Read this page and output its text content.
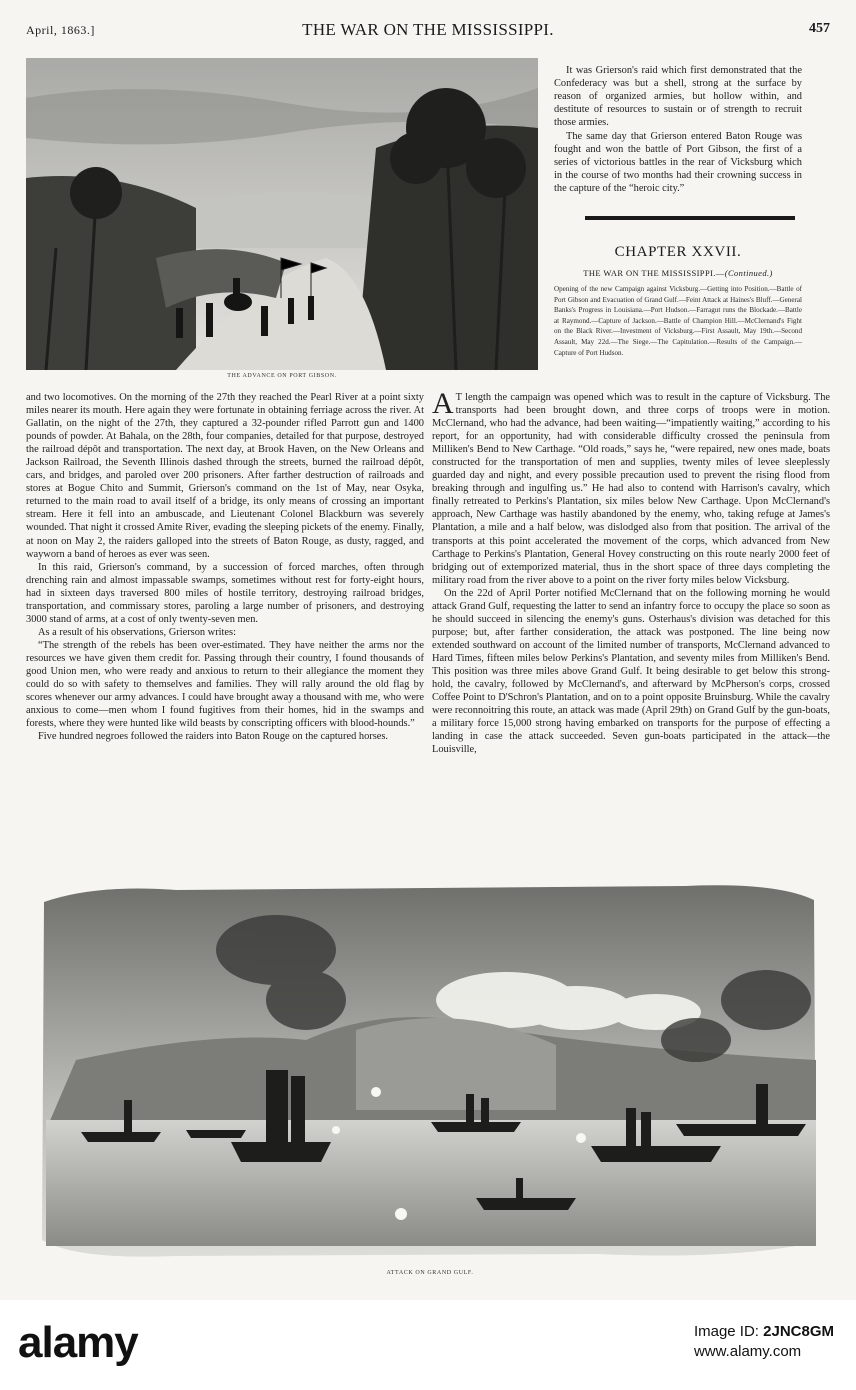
April, 1863.]	THE WAR ON THE MISSISSIPPI.	457
THE ADVANCE ON PORT GIBSON.

It was Grierson's raid which first demonstrated that the Confederacy was but a shell, strong at the surface by reason of organized armies, but hollow within, and destitute of resources to sustain or of strength to recruit those armies.

The same day that Grierson entered Baton Rouge was fought and won the battle of Port Gibson, the first of a series of victorious battles in the rear of Vicksburg which in the course of two months had their crowning success in the capture of the “heroic city.”

CHAPTER XXVII.
THE WAR ON THE MISSISSIPPI.—(Continued.)
Opening of the new Campaign against Vicksburg.—Getting into Position.—Battle of Port Gibson and Evacuation of Grand Gulf.—Feint Attack at Haines's Bluff.—General Banks's Progress in Louisiana.—Port Hudson.—Farragut runs the Blockade.—Battle at Raymond.—Capture of Jackson.—Battle of Champion Hill.—McClernand's Fight on the Black River.—Investment of Vicksburg.—First Assault, May 19th.—Second Assault, May 22d.—The Siege.—The Capitulation.—Results of the Campaign.—Capture of Port Hudson.

and two locomotives. On the morning of the 27th they reached the Pearl River at a point sixty miles nearer its mouth. Here again they were fortunate in obtaining ferriage across the river. At Gallatin, on the night of the 27th, they captured a 32-pounder rifled Parrott gun and 1400 pounds of powder. At Bahala, on the 28th, four companies, detailed for that purpose, destroyed the railroad dépôt and transportation. The next day, at Brook Haven, on the New Orleans and Jackson Railroad, the Seventh Illinois dashed through the streets, burned the railroad dépôt, cars, and bridges, and paroled over 200 prisoners. After farther destruction of railroads and stores at Bogue Chito and Summit, Grierson's command on the 1st of May, near Osyka, returned to the main road to avail itself of a bridge, its only means of crossing an important stream. Here it fell into an ambuscade, and Lieutenant Colonel Blackburn was severely wounded. That night it crossed Amite River, evading the sleeping pickets of the enemy. Finally, at noon on May 2, the raiders galloped into the streets of Baton Rouge, as dusty, ragged, and wayworn a band of heroes as ever was seen.

In this raid, Grierson's command, by a succession of forced marches, often through drenching rain and almost impassable swamps, sometimes without rest for forty-eight hours, had in sixteen days traversed 800 miles of hostile territory, destroying railroad bridges, transportation, and commissary stores, paroling a large number of prisoners, and destroying 3000 stand of arms, at a cost of only twenty-seven men.

As a result of his observations, Grierson writes:

“The strength of the rebels has been over-estimated. They have neither the arms nor the resources we have given them credit for. Passing through their country, I found thousands of good Union men, who were ready and anxious to return to their allegiance the moment they could do so with safety to themselves and families. They will rally around the old flag by scores whenever our army advances. I could have brought away a thousand with me, who were anxious to come—men whom I found fugitives from their homes, hid in the swamps and forests, where they were hunted like wild beasts by conscripting officers with blood-hounds.”

Five hundred negroes followed the raiders into Baton Rouge on the captured horses.

A T length the campaign was opened which was to result in the capture of Vicksburg. The transports had been brought down, and three corps of troops were in motion. McClernand, who had the advance, had been waiting—“impatiently waiting,” according to his report, for an opportunity, had with considerable difficulty crossed the peninsula from Milliken's Bend to New Carthage. “Old roads,” says he, “were repaired, new ones made, boats constructed for the transportation of men and supplies, twenty miles of levee sleeplessly guarded day and night, and every possible precaution used to prevent the rising flood from breaking through and ingulfing us.” He had also to contend with Harrison's cavalry, which finally retreated to Perkins's Plantation, six miles below New Carthage. Upon McClernand's approach, New Carthage was hastily abandoned by the enemy, who, taking refuge at James's Plantation, a mile and a half below, was dislodged also from that position. The arrival of the transports at this point accelerated the movement of the corps, which advanced from New Carthage to Perkins's Plantation, General Hovey constructing on this route nearly 2000 feet of bridging out of extemporized material, thus in the short space of three days completing the military road from the river above to a point on the river forty miles below Vicksburg.

On the 22d of April Porter notified McClernand that on the following morning he would attack Grand Gulf, requesting the latter to send an infantry force to occupy the place so soon as he should succeed in silencing the enemy's guns. Osterhaus's division was detached for this purpose; but, after farther consideration, the attack was postponed. The line being now extended southward on account of the limited number of transports, McClernand advanced to Hard Times, fifteen miles below Perkins's Plantation, and seventy miles from Milliken's Bend. This position was three miles above Grand Gulf. It being desirable to get below this strong-hold, the cavalry, followed by McClernand's, and afterward by McPherson's corps, crossed Coffee Point to D'Schron's Plantation, and on to a point opposite Bruinsburg. While the cavalry were reconnoitring this route, an attack was made (April 29th) on Grand Gulf by the gun-boats, a military force 15,000 strong having embarked on transports for the purpose of effecting a landing in case the attack succeeded. Seven gun-boats participated in the attack—the Louisville,

ATTACK ON GRAND GULF.
alamy	Image ID: 2JNC8GM
www.alamy.com
